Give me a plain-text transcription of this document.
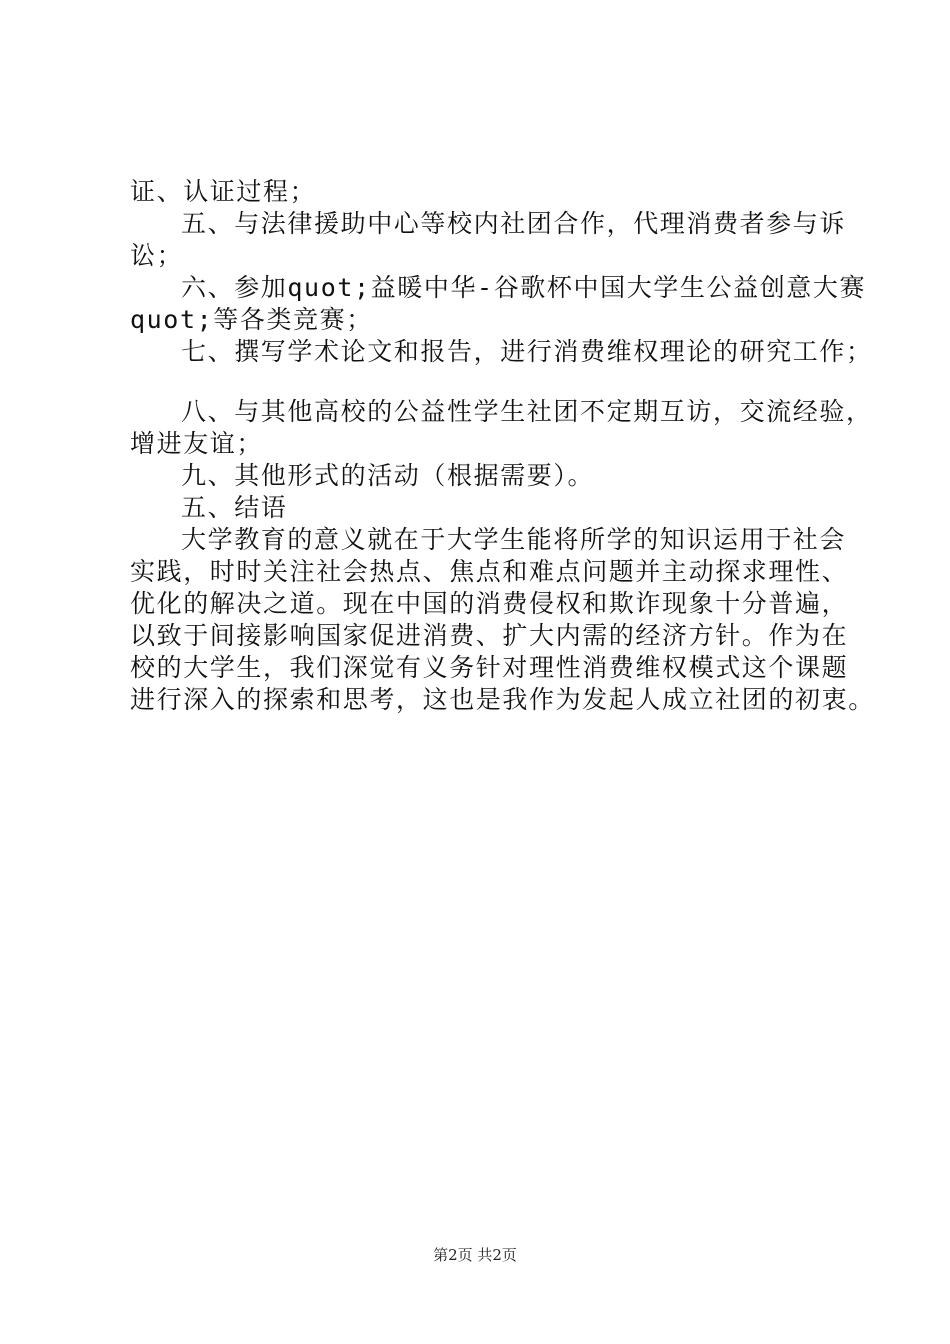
证、认证过程；
五、与法律援助中心等校内社团合作，代理消费者参与诉
讼；
六、参加quot;益暖中华-谷歌杯中国大学生公益创意大赛
quot;等各类竞赛；
七、撰写学术论文和报告，进行消费维权理论的研究工作；
八、与其他高校的公益性学生社团不定期互访，交流经验，
增进友谊；
九、其他形式的活动（根据需要）。
五、结语
大学教育的意义就在于大学生能将所学的知识运用于社会
实践，时时关注社会热点、焦点和难点问题并主动探求理性、
优化的解决之道。现在中国的消费侵权和欺诈现象十分普遍，
以致于间接影响国家促进消费、扩大内需的经济方针。作为在
校的大学生，我们深觉有义务针对理性消费维权模式这个课题
进行深入的探索和思考，这也是我作为发起人成立社团的初衷。
第2页 共2页
